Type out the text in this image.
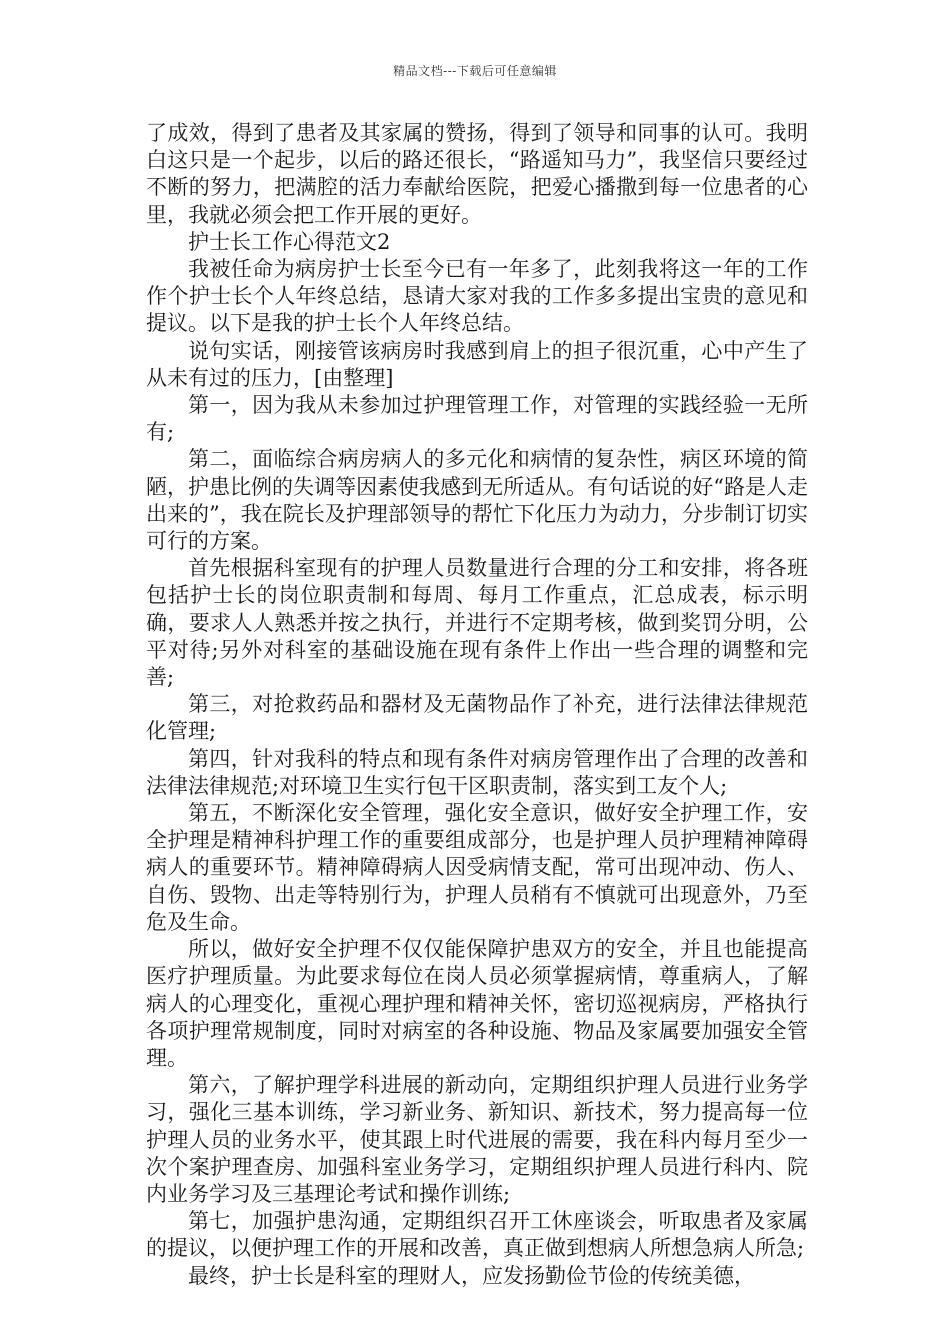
精品文档---下载后可任意编辑

了成效，得到了患者及其家属的赞扬，得到了领导和同事的认可。我明白这只是一个起步，以后的路还很长，“路遥知马力”，我坚信只要经过不断的努力，把满腔的活力奉献给医院，把爱心播撒到每一位患者的心里，我就必须会把工作开展的更好。

护士长工作心得范文2

我被任命为病房护士长至今已有一年多了，此刻我将这一年的工作作个护士长个人年终总结，恳请大家对我的工作多多提出宝贵的意见和提议。以下是我的护士长个人年终总结。

说句实话，刚接管该病房时我感到肩上的担子很沉重，心中产生了从未有过的压力，[由整理]

第一，因为我从未参加过护理管理工作，对管理的实践经验一无所有;

第二，面临综合病房病人的多元化和病情的复杂性，病区环境的简陋，护患比例的失调等因素使我感到无所适从。有句话说的好“路是人走出来的”，我在院长及护理部领导的帮忙下化压力为动力，分步制订切实可行的方案。

首先根据科室现有的护理人员数量进行合理的分工和安排，将各班包括护士长的岗位职责制和每周、每月工作重点，汇总成表，标示明确，要求人人熟悉并按之执行，并进行不定期考核，做到奖罚分明，公平对待;另外对科室的基础设施在现有条件上作出一些合理的调整和完善;

第三，对抢救药品和器材及无菌物品作了补充，进行法律法律规范化管理;

第四，针对我科的特点和现有条件对病房管理作出了合理的改善和法律法律规范;对环境卫生实行包干区职责制，落实到工友个人;

第五，不断深化安全管理，强化安全意识，做好安全护理工作，安全护理是精神科护理工作的重要组成部分，也是护理人员护理精神障碍病人的重要环节。精神障碍病人因受病情支配，常可出现冲动、伤人、自伤、毁物、出走等特别行为，护理人员稍有不慎就可出现意外，乃至危及生命。

所以，做好安全护理不仅仅能保障护患双方的安全，并且也能提高医疗护理质量。为此要求每位在岗人员必须掌握病情，尊重病人，了解病人的心理变化，重视心理护理和精神关怀，密切巡视病房，严格执行各项护理常规制度，同时对病室的各种设施、物品及家属要加强安全管理。

第六，了解护理学科进展的新动向，定期组织护理人员进行业务学习，强化三基本训练，学习新业务、新知识、新技术，努力提高每一位护理人员的业务水平，使其跟上时代进展的需要，我在科内每月至少一次个案护理查房、加强科室业务学习，定期组织护理人员进行科内、院内业务学习及三基理论考试和操作训练;

第七，加强护患沟通，定期组织召开工休座谈会，听取患者及家属的提议，以便护理工作的开展和改善，真正做到想病人所想急病人所急;

最终，护士长是科室的理财人，应发扬勤俭节俭的传统美德，
